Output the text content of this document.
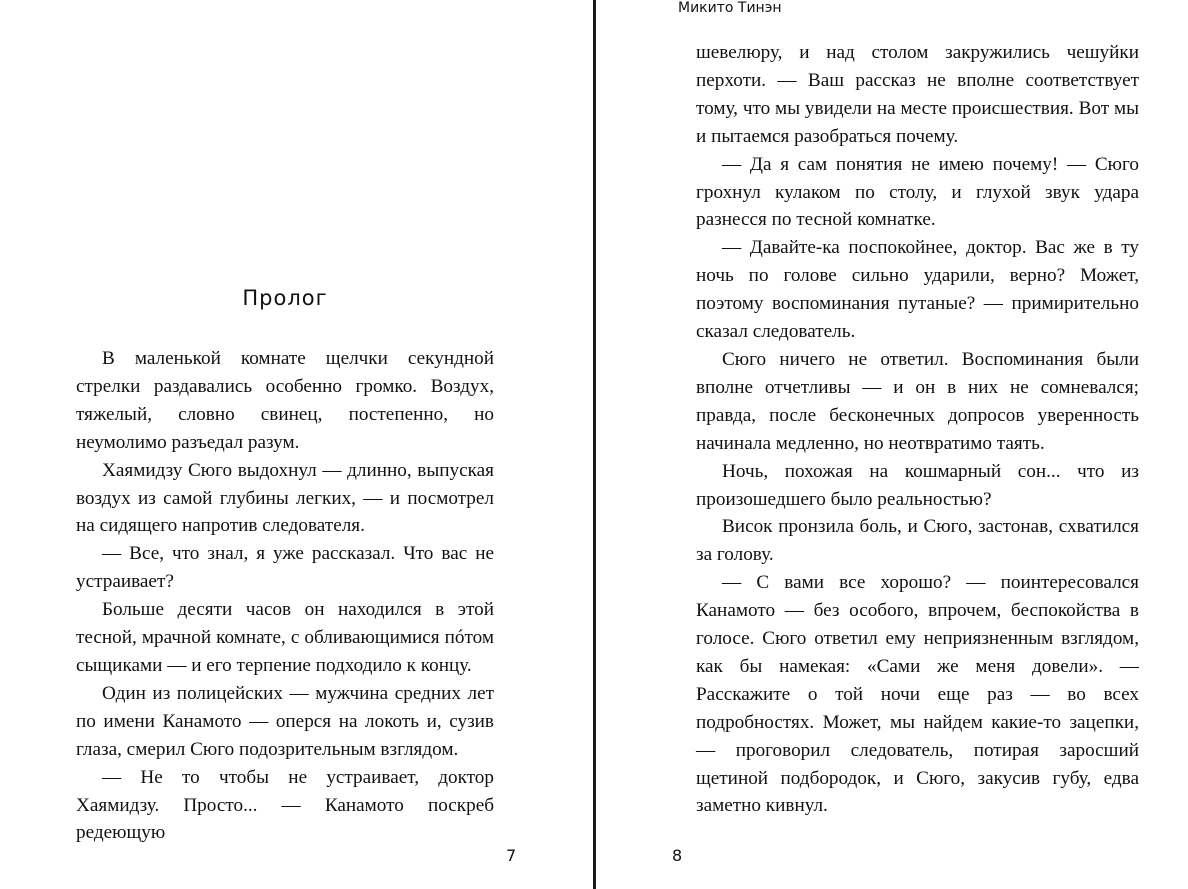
Пролог

В маленькой комнате щелчки секундной стрелки раздавались особенно громко. Воздух, тяжелый, словно свинец, постепенно, но неумолимо разъедал разум.

Хаямидзу Сюго выдохнул — длинно, выпуская воздух из самой глубины легких, — и посмотрел на сидящего напротив следователя.

— Все, что знал, я уже рассказал. Что вас не устраивает?

Больше десяти часов он находился в этой тесной, мрачной комнате, с обливающимися пóтом сыщиками — и его терпение подходило к концу.

Один из полицейских — мужчина средних лет по имени Канамото — оперся на локоть и, сузив глаза, смерил Сюго подозрительным взглядом.

— Не то чтобы не устраивает, доктор Хаямидзу. Просто... — Канамото поскреб редеющую

7
Микито Тинэн

шевелюру, и над столом закружились чешуйки перхоти. — Ваш рассказ не вполне соответствует тому, что мы увидели на месте происшествия. Вот мы и пытаемся разобраться почему.

— Да я сам понятия не имею почему! — Сюго грохнул кулаком по столу, и глухой звук удара разнесся по тесной комнатке.

— Давайте-ка поспокойнее, доктор. Вас же в ту ночь по голове сильно ударили, верно? Может, поэтому воспоминания путаные? — примирительно сказал следователь.

Сюго ничего не ответил. Воспоминания были вполне отчетливы — и он в них не сомневался; правда, после бесконечных допросов уверенность начинала медленно, но неотвратимо таять.

Ночь, похожая на кошмарный сон... что из произошедшего было реальностью?

Висок пронзила боль, и Сюго, застонав, схватился за голову.

— С вами все хорошо? — поинтересовался Канамото — без особого, впрочем, беспокойства в голосе. Сюго ответил ему неприязненным взглядом, как бы намекая: «Сами же меня довели». — Расскажите о той ночи еще раз — во всех подробностях. Может, мы найдем какие-то зацепки, — проговорил следователь, потирая заросший щетиной подбородок, и Сюго, закусив губу, едва заметно кивнул.

8
